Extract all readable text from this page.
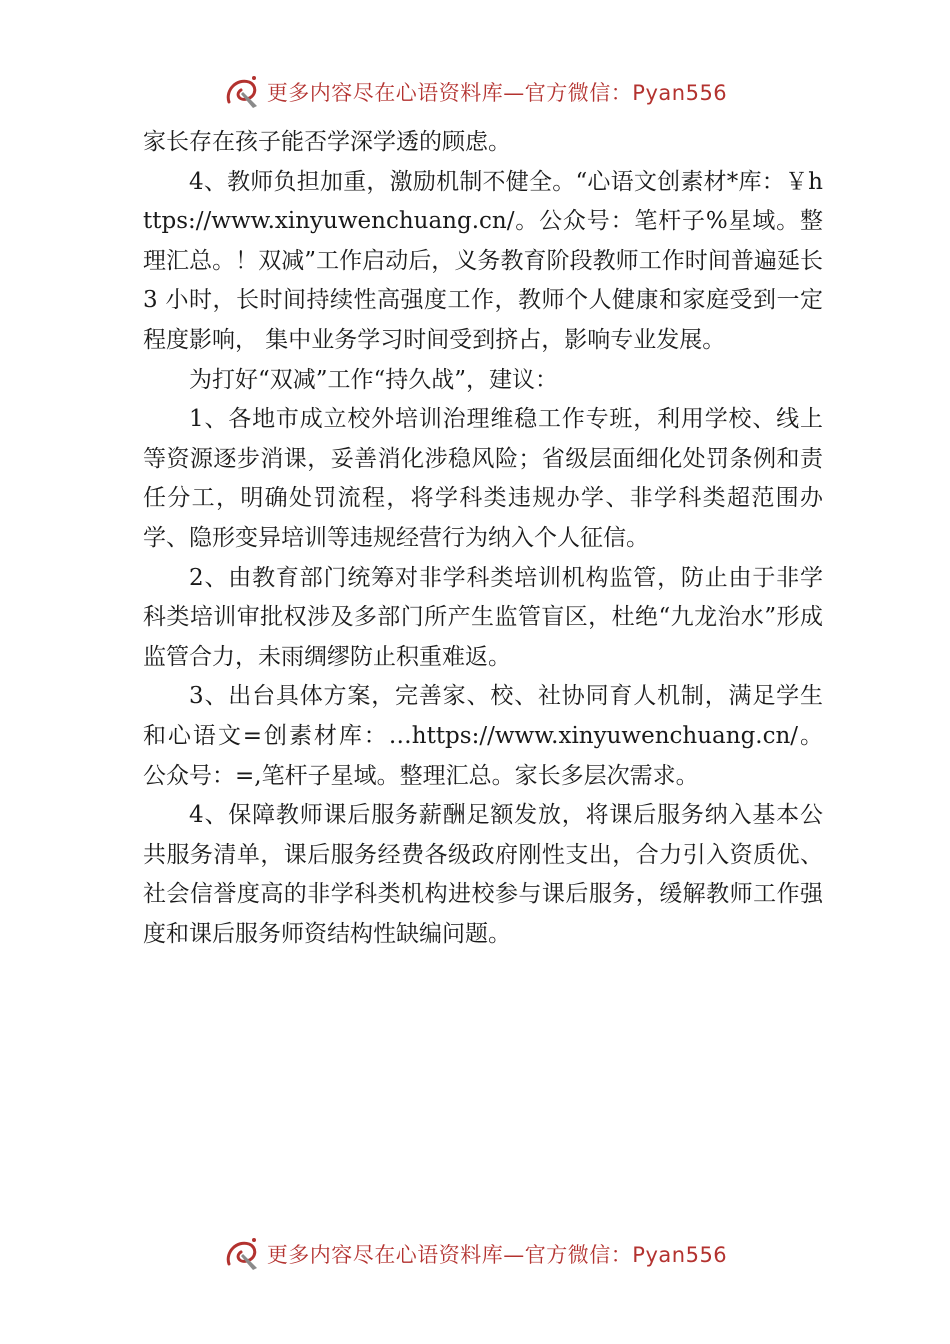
更多内容尽在心语资料库—官方微信：Pyan556

家长存在孩子能否学深学透的顾虑。

4、教师负担加重，激励机制不健全。“心语文创素材*库：￥https://www.xinyuwenchuang.cn/。公众号：笔杆子%星域。整理汇总。！双减”工作启动后，义务教育阶段教师工作时间普遍延长 3 小时，长时间持续性高强度工作，教师个人健康和家庭受到一定程度影响， 集中业务学习时间受到挤占，影响专业发展。

为打好“双减”工作“持久战”，建议：

1、各地市成立校外培训治理维稳工作专班，利用学校、线上等资源逐步消课，妥善消化涉稳风险；省级层面细化处罚条例和责任分工，明确处罚流程，将学科类违规办学、非学科类超范围办学、隐形变异培训等违规经营行为纳入个人征信。

2、由教育部门统筹对非学科类培训机构监管，防止由于非学科类培训审批权涉及多部门所产生监管盲区，杜绝“九龙治水”形成监管合力，未雨绸缪防止积重难返。

3、出台具体方案，完善家、校、社协同育人机制，满足学生和心语文=创素材库：…https://www.xinyuwenchuang.cn/。公众号：=,笔杆子星域。整理汇总。家长多层次需求。

4、保障教师课后服务薪酬足额发放，将课后服务纳入基本公共服务清单，课后服务经费各级政府刚性支出，合力引入资质优、社会信誉度高的非学科类机构进校参与课后服务，缓解教师工作强度和课后服务师资结构性缺编问题。

更多内容尽在心语资料库—官方微信：Pyan556
